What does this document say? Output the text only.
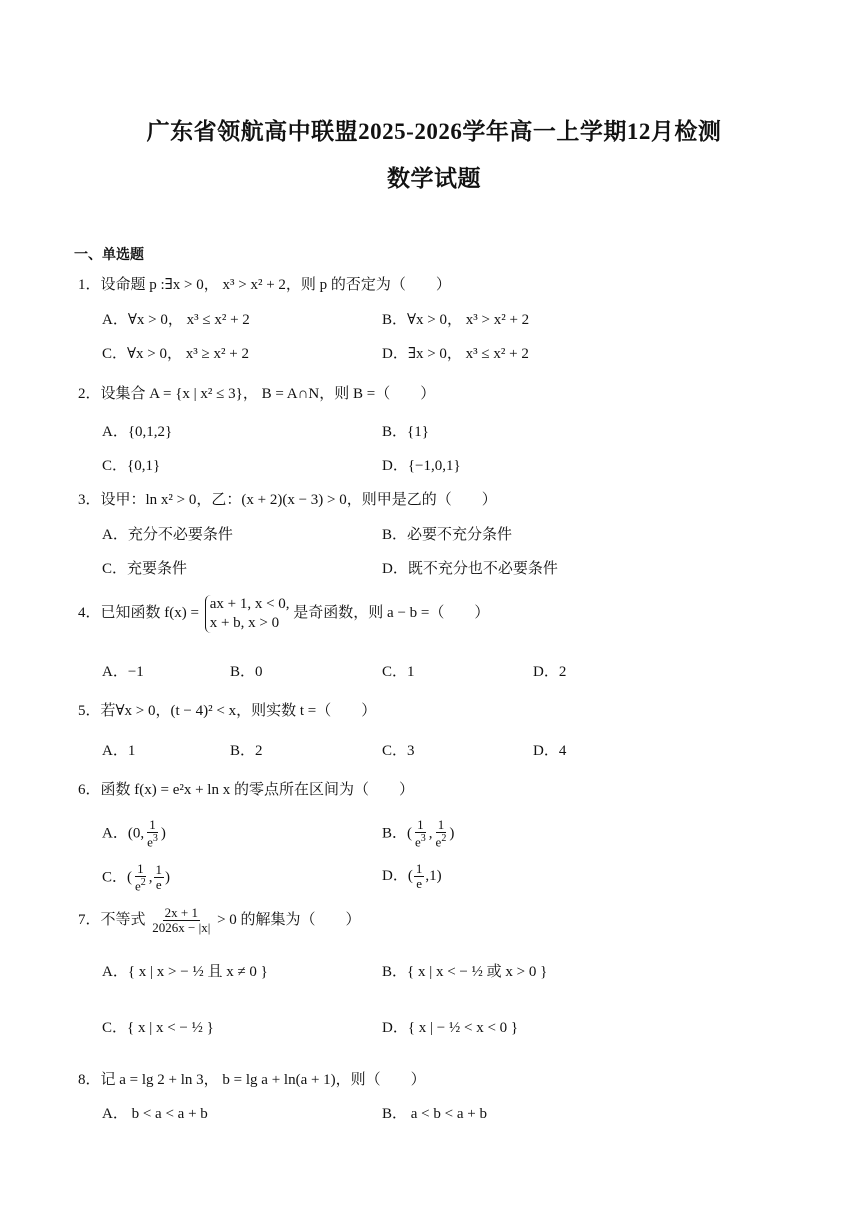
广东省领航高中联盟2025-2026学年高一上学期12月检测
数学试题
一、单选题
1．设命题 p :∃x > 0， x³ > x² + 2，则 p 的否定为（　　）
A．∀x > 0， x³ ≤ x² + 2	B．∀x > 0， x³ > x² + 2
C．∀x > 0， x³ ≥ x² + 2	D．∃x > 0， x³ ≤ x² + 2
2．设集合 A = {x | x² ≤ 3}， B = A∩N，则 B =（　　）
A．{0,1,2}	B．{1}
C．{0,1}	D．{−1,0,1}
3．设甲：ln x² > 0，乙：(x + 2)(x − 3) > 0，则甲是乙的（　　）
A．充分不必要条件	B．必要不充分条件
C．充要条件	D．既不充分也不必要条件
4．已知函数 f(x) = ax + 1, x < 0,
x + b, x > 0 是奇函数，则 a − b =（　　）
A．−1	B．0	C．1	D．2
5．若∀x > 0，(t − 4)² < x，则实数 t =（　　）
A．1	B．2	C．3	D．4
6．函数 f(x) = e²x + ln x 的零点所在区间为（　　）
A．(0, $\frac{1}{e^3}$ )	B．( $\frac{1}{e^3}$ , $\frac{1}{e^2}$ )
C．( $\frac{1}{e^2}$ , $\frac{1}{e}$ )	D．( $\frac{1}{e} ,1$)
7．不等式 $\frac{2x + 1}{2026x - |x|} > 0$ 的解集为（　　）
A．{ x | x > − ½ 且 x ≠ 0 }	B．{ x | x < − ½ 或 x > 0 }
C．{ x | x < − ½ }	D．{ x | − ½ < x < 0 }
8．记 a = lg 2 + ln 3， b = lg a + ln(a + 1)，则（　　）
A． b < a < a + b	B． a < b < a + b
